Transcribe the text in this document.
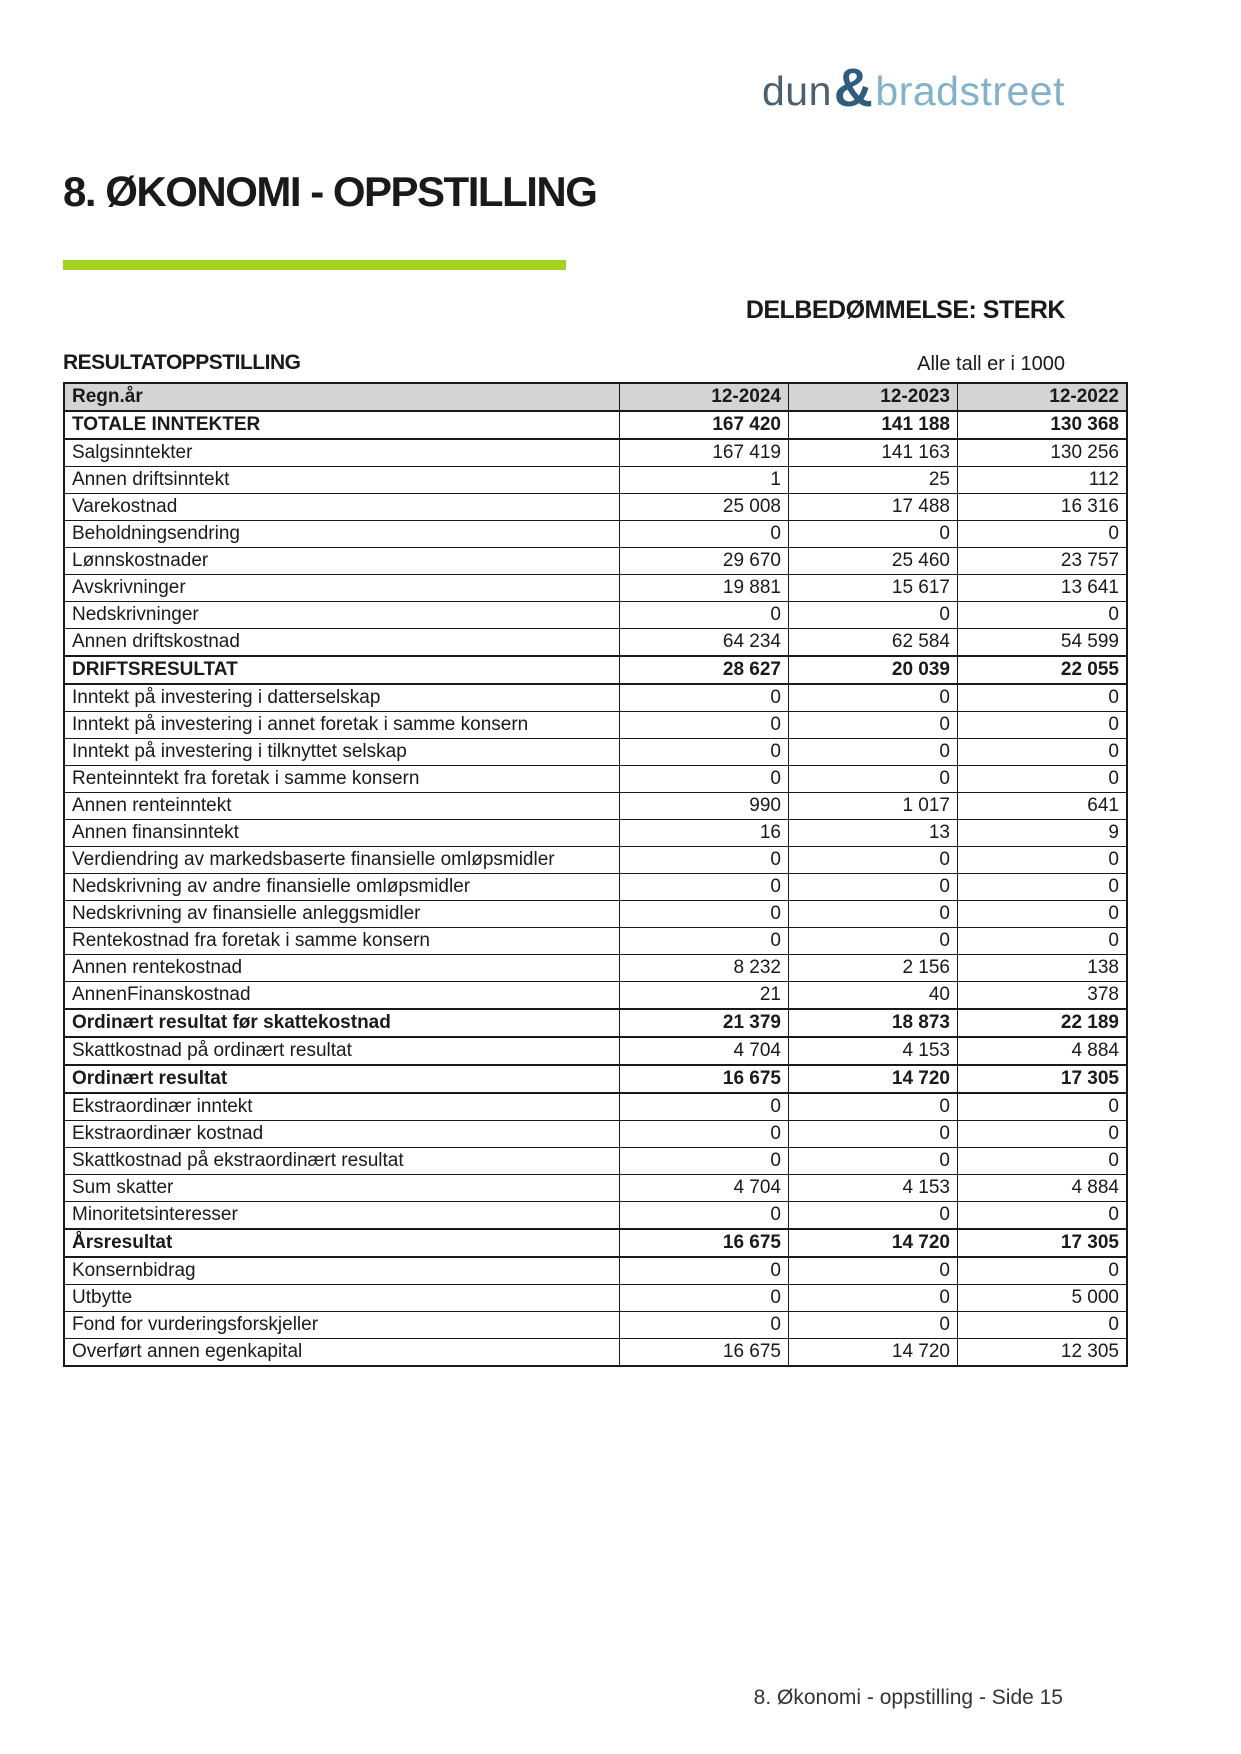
dun & bradstreet
8. ØKONOMI - OPPSTILLING
DELBEDØMMELSE: STERK
RESULTATOPPSTILLING	Alle tall er i 1000
Regn.år	12-2024	12-2023	12-2022
TOTALE INNTEKTER	167 420	141 188	130 368
Salgsinntekter	167 419	141 163	130 256
Annen driftsinntekt	1	25	112
Varekostnad	25 008	17 488	16 316
Beholdningsendring	0	0	0
Lønnskostnader	29 670	25 460	23 757
Avskrivninger	19 881	15 617	13 641
Nedskrivninger	0	0	0
Annen driftskostnad	64 234	62 584	54 599
DRIFTSRESULTAT	28 627	20 039	22 055
Inntekt på investering i datterselskap	0	0	0
Inntekt på investering i annet foretak i samme konsern	0	0	0
Inntekt på investering i tilknyttet selskap	0	0	0
Renteinntekt fra foretak i samme konsern	0	0	0
Annen renteinntekt	990	1 017	641
Annen finansinntekt	16	13	9
Verdiendring av markedsbaserte finansielle omløpsmidler	0	0	0
Nedskrivning av andre finansielle omløpsmidler	0	0	0
Nedskrivning av finansielle anleggsmidler	0	0	0
Rentekostnad fra foretak i samme konsern	0	0	0
Annen rentekostnad	8 232	2 156	138
AnnenFinanskostnad	21	40	378
Ordinært resultat før skattekostnad	21 379	18 873	22 189
Skattkostnad på ordinært resultat	4 704	4 153	4 884
Ordinært resultat	16 675	14 720	17 305
Ekstraordinær inntekt	0	0	0
Ekstraordinær kostnad	0	0	0
Skattkostnad på ekstraordinært resultat	0	0	0
Sum skatter	4 704	4 153	4 884
Minoritetsinteresser	0	0	0
Årsresultat	16 675	14 720	17 305
Konsernbidrag	0	0	0
Utbytte	0	0	5 000
Fond for vurderingsforskjeller	0	0	0
Overført annen egenkapital	16 675	14 720	12 305
8. Økonomi - oppstilling - Side 15
